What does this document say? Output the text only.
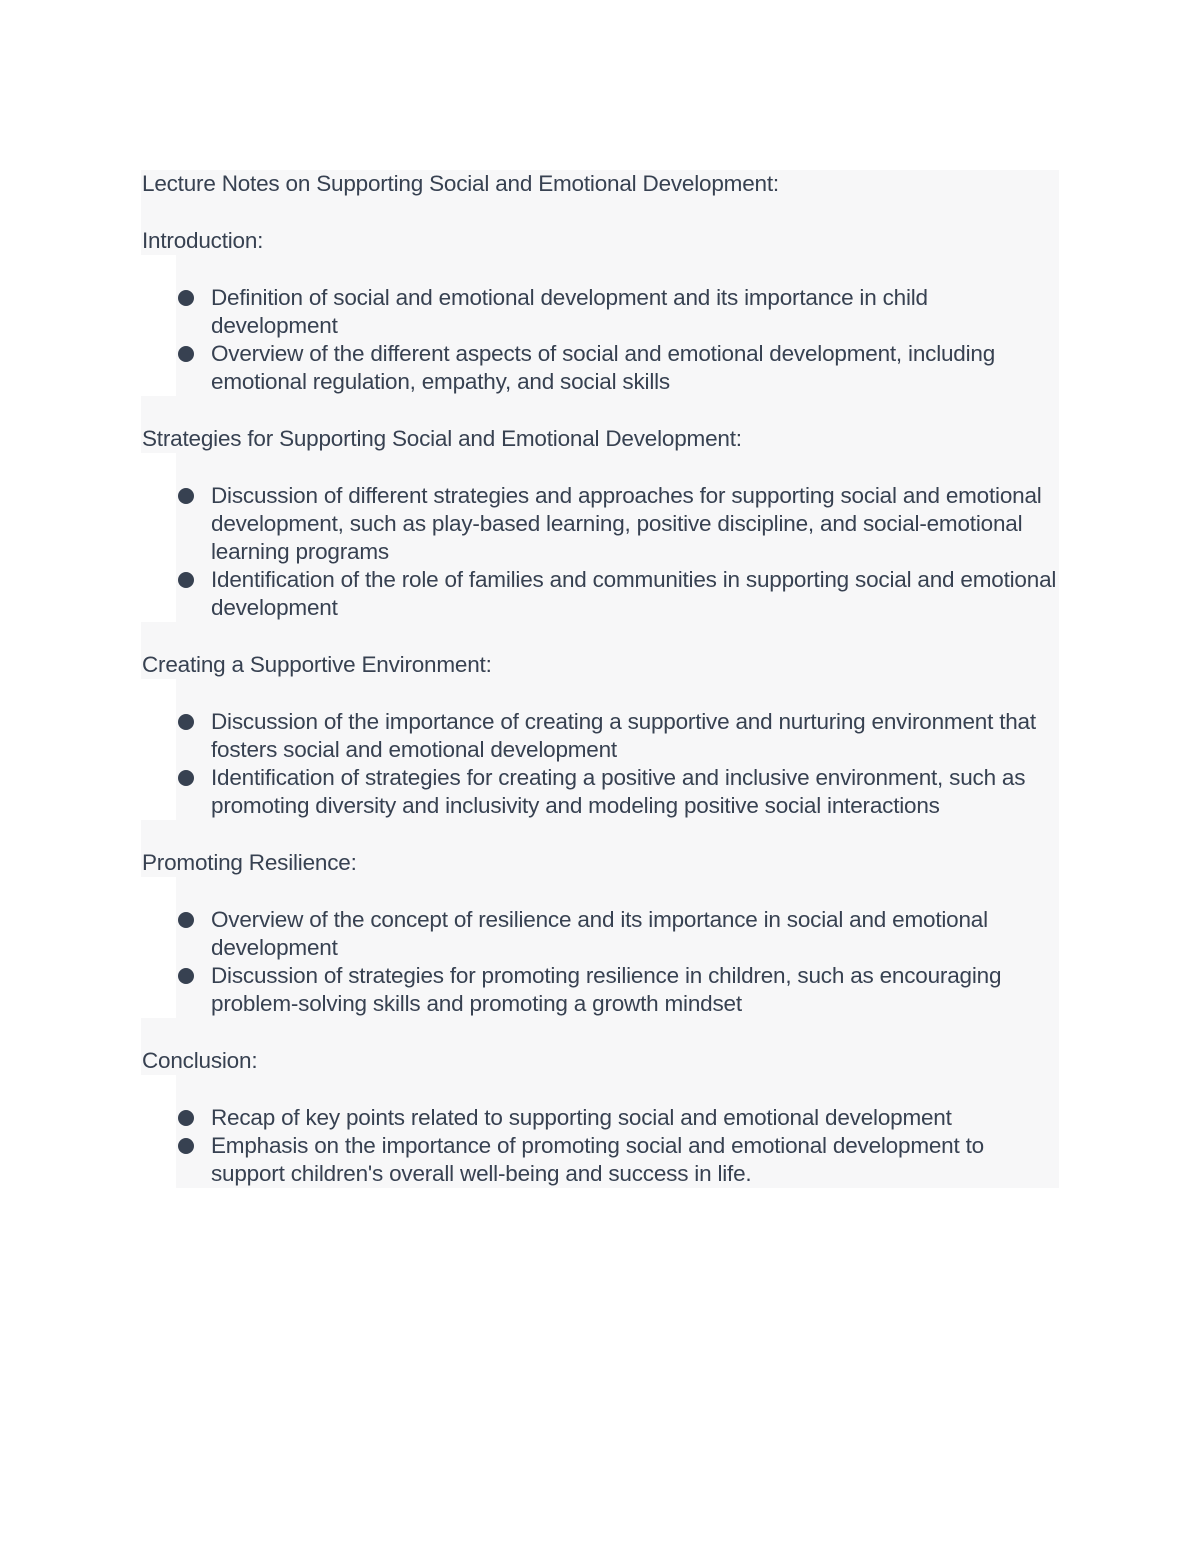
Lecture Notes on Supporting Social and Emotional Development:
Introduction:
Definition of social and emotional development and its importance in child development
Overview of the different aspects of social and emotional development, including emotional regulation, empathy, and social skills
Strategies for Supporting Social and Emotional Development:
Discussion of different strategies and approaches for supporting social and emotional development, such as play-based learning, positive discipline, and social-emotional learning programs
Identification of the role of families and communities in supporting social and emotional development
Creating a Supportive Environment:
Discussion of the importance of creating a supportive and nurturing environment that fosters social and emotional development
Identification of strategies for creating a positive and inclusive environment, such as promoting diversity and inclusivity and modeling positive social interactions
Promoting Resilience:
Overview of the concept of resilience and its importance in social and emotional development
Discussion of strategies for promoting resilience in children, such as encouraging problem-solving skills and promoting a growth mindset
Conclusion:
Recap of key points related to supporting social and emotional development
Emphasis on the importance of promoting social and emotional development to support children's overall well-being and success in life.
